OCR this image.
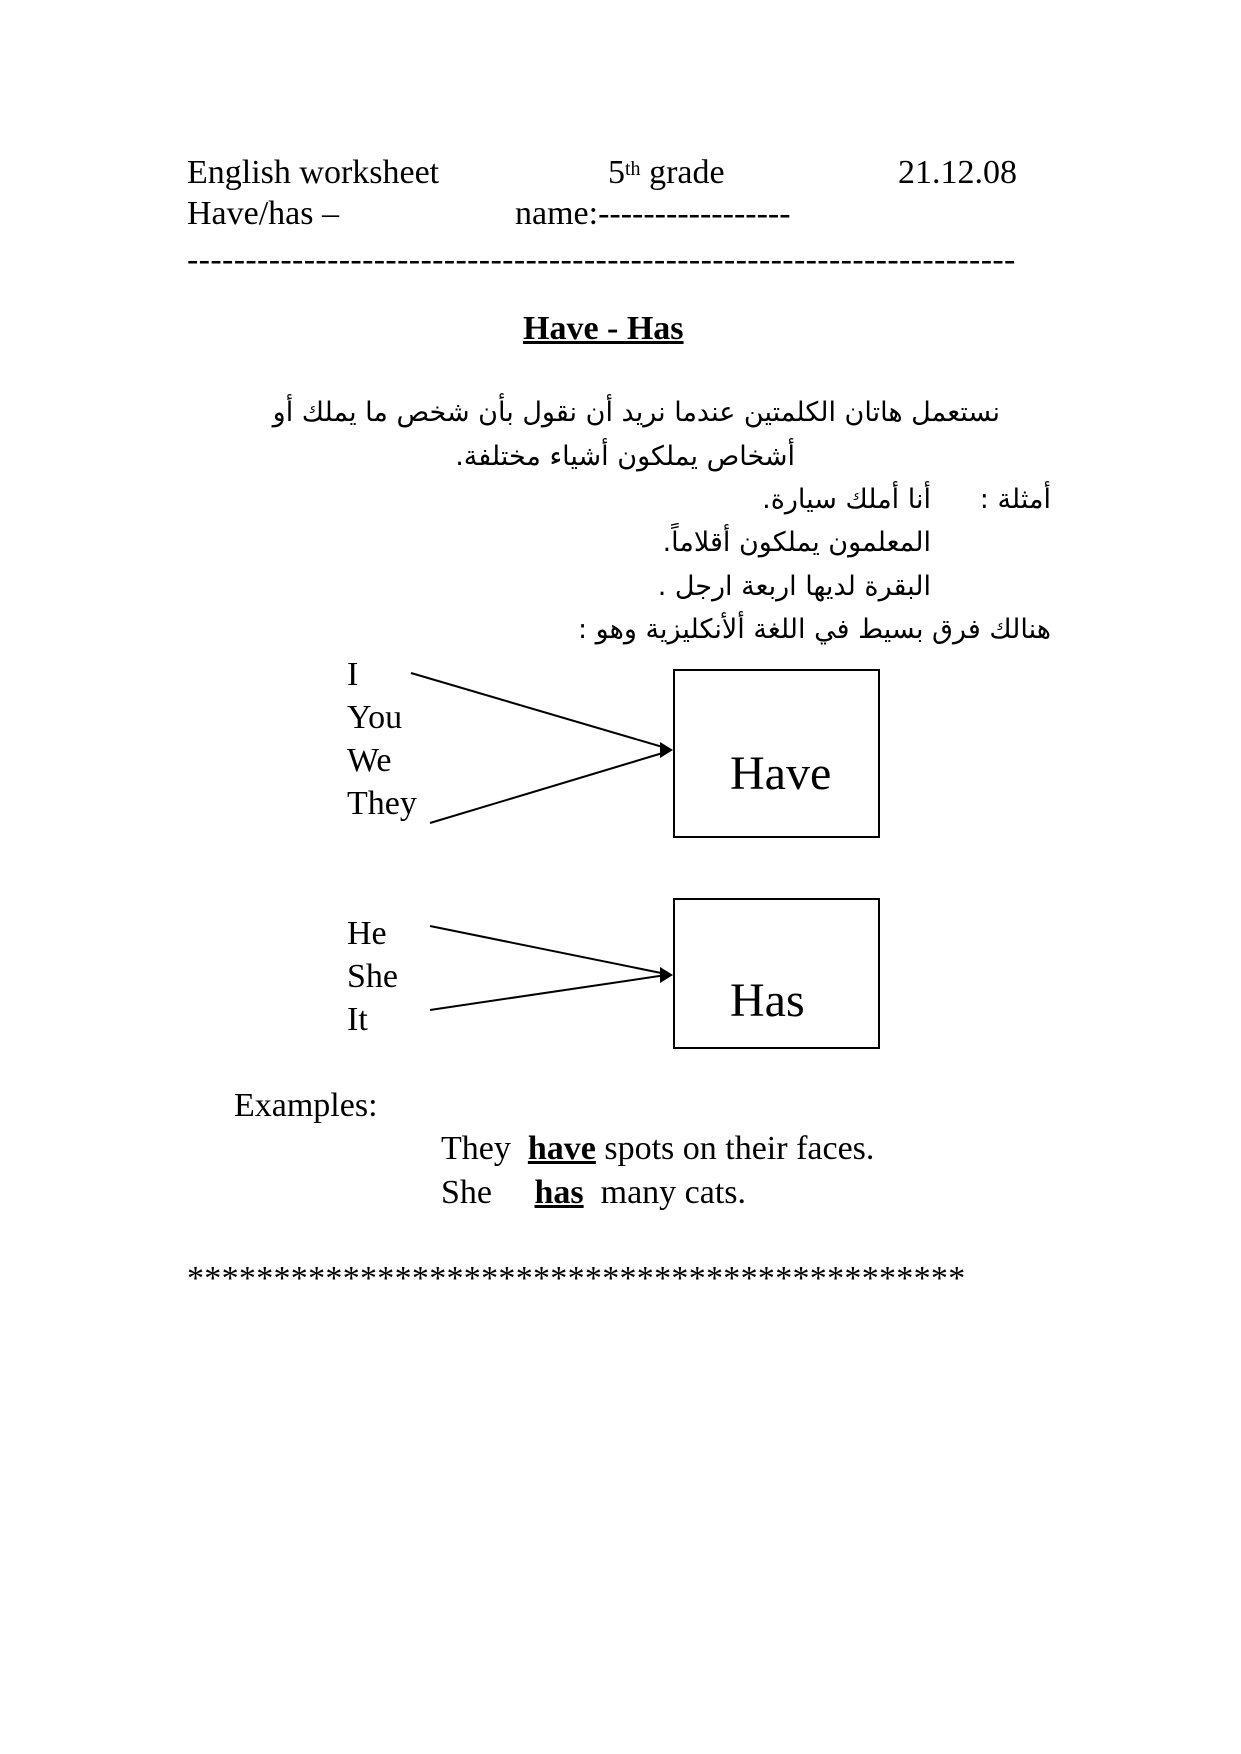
English worksheet	5th grade	21.12.08
Have/has –	name:-----------------
-----------------------------------------------------------------------
Have - Has
نستعمل هاتان الكلمتين عندما نريد أن نقول بأن شخص ما يملك أو
أشخاص يملكون أشياء مختلفة.
أمثلة :
أنا أملك سيارة.
المعلمون يملكون أقلاماً.
البقرة لديها اربعة ارجل .
هنالك فرق بسيط في اللغة ألأنكليزية وهو :
I
You
We
They
Have
He
She
It	Has
Examples:
They have spots on their faces.
She has many cats.
*********************************************
